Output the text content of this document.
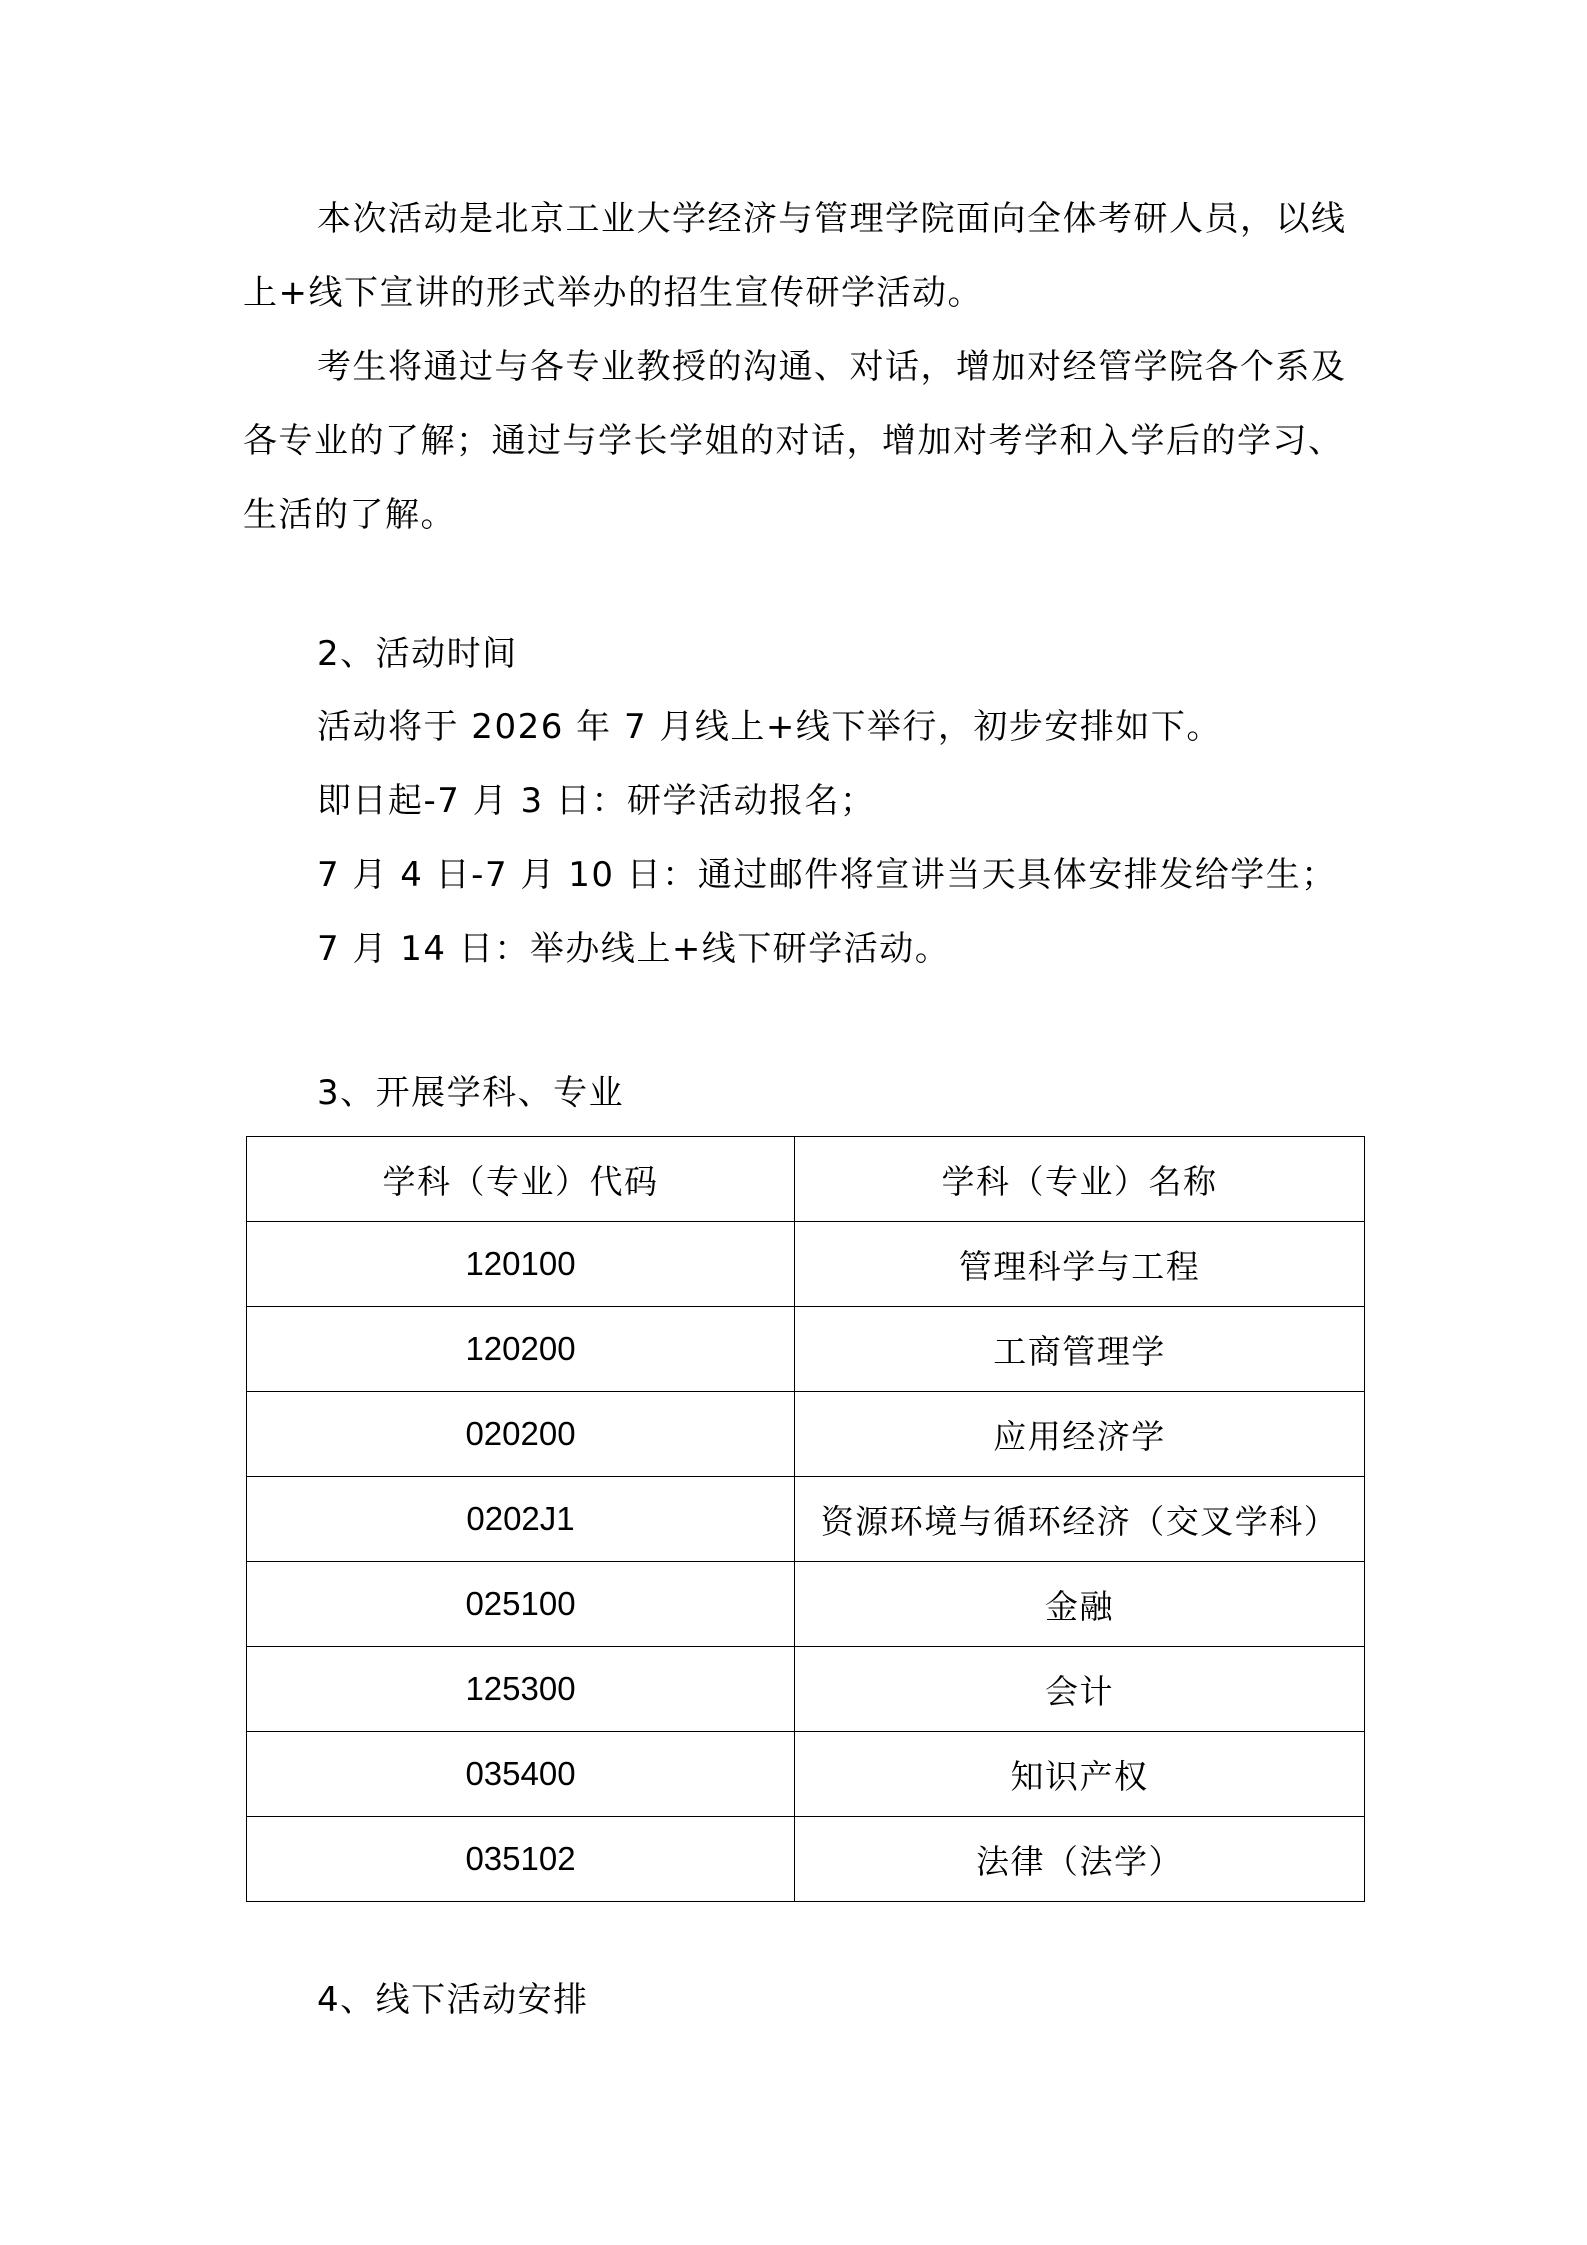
本次活动是北京工业大学经济与管理学院面向全体考研人员，以线上+线下宣讲的形式举办的招生宣传研学活动。

考生将通过与各专业教授的沟通、对话，增加对经管学院各个系及各专业的了解；通过与学长学姐的对话，增加对考学和入学后的学习、生活的了解。

2、活动时间

活动将于 2026 年 7 月线上+线下举行，初步安排如下。

即日起-7 月 3 日：研学活动报名；

7 月 4 日-7 月 10 日：通过邮件将宣讲当天具体安排发给学生；

7 月 14 日：举办线上+线下研学活动。

3、开展学科、专业

学科（专业）代码	学科（专业）名称
120100	管理科学与工程
120200	工商管理学
020200	应用经济学
0202J1	资源环境与循环经济（交叉学科）
025100	金融
125300	会计
035400	知识产权
035102	法律（法学）

4、线下活动安排
